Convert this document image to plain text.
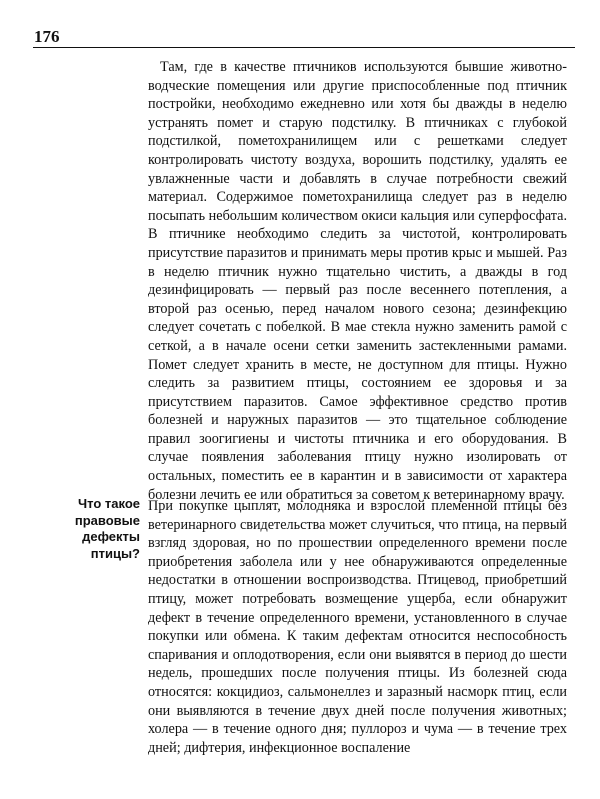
176

Там, где в качестве птичников используются бывшие животноводческие помещения или другие приспособленные под птичник постройки, необходимо ежедневно или хотя бы дважды в неделю устранять помет и старую подстилку. В птичниках с глубокой подстилкой, пометохранилищем или с решетками следует контролировать чистоту воздуха, ворошить подстилку, удалять ее увлажненные части и добавлять в случае потребности свежий материал. Содержимое пометохранилища следует раз в неделю посыпать небольшим количеством окиси кальция или суперфосфата. В птичнике необходимо следить за чистотой, контролировать присутствие паразитов и принимать меры против крыс и мышей. Раз в неделю птичник нужно тщательно чистить, а дважды в год дезинфицировать — первый раз после весеннего потепления, а второй раз осенью, перед началом нового сезона; дезинфекцию следует сочетать с побелкой. В мае стекла нужно заменить рамой с сеткой, а в начале осени сетки заменить застекленными рамами. Помет следует хранить в месте, не доступном для птицы. Нужно следить за развитием птицы, состоянием ее здоровья и за присутствием паразитов. Самое эффективное средство против болезней и наружных паразитов — это тщательное соблюдение правил зоогигиены и чистоты птичника и его оборудования. В случае появления заболевания птицу нужно изолировать от остальных, поместить ее в карантин и в зависимости от характера болезни лечить ее или обратиться за советом к ветеринарному врачу.

Что такое правовые дефекты птицы?

При покупке цыплят, молодняка и взрослой племенной птицы без ветеринарного свидетельства может случиться, что птица, на первый взгляд здоровая, но по прошествии определенного времени после приобретения заболела или у нее обнаруживаются определенные недостатки в отношении воспроизводства. Птицевод, приобретший птицу, может потребовать возмещение ущерба, если обнаружит дефект в течение определенного времени, установленного в случае покупки или обмена. К таким дефектам относится неспособность спаривания и оплодотворения, если они выявятся в период до шести недель, прошедших после получения птицы. Из болезней сюда относятся: кокцидиоз, сальмонеллез и заразный насморк птиц, если они выявляются в течение двух дней после получения животных; холера — в течение одного дня; пуллороз и чума — в течение трех дней; дифтерия, инфекционное воспаление
